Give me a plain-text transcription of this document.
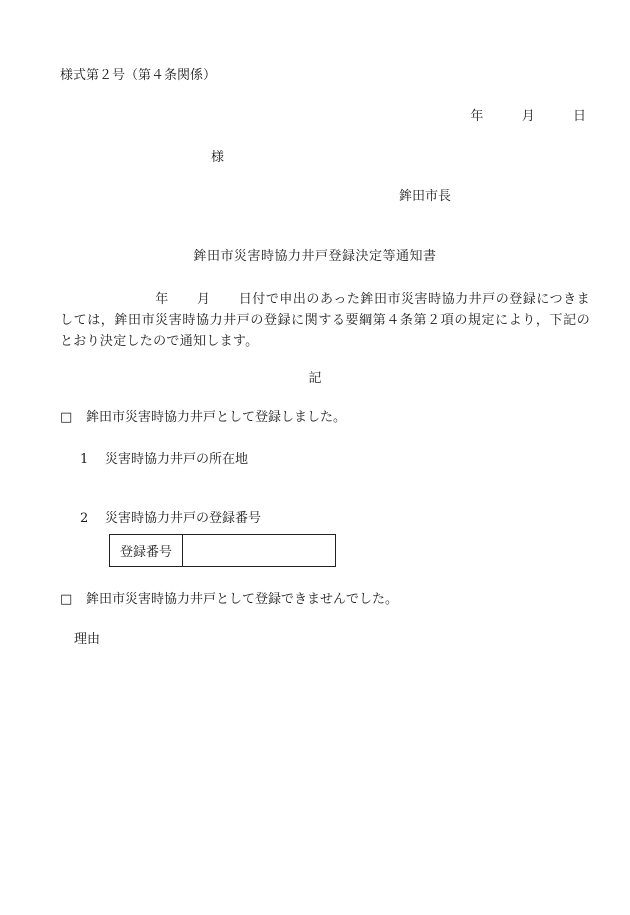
様式第２号（第４条関係）
年	月	日
様
鉾田市長
鉾田市災害時協力井戸登録決定等通知書
年 月 日付で申出のあった鉾田市災害時協力井戸の登録につきましては，鉾田市災害時協力井戸の登録に関する要綱第４条第２項の規定により，下記のとおり決定したので通知します。
記
□ 鉾田市災害時協力井戸として登録しました。
1 災害時協力井戸の所在地
2 災害時協力井戸の登録番号
登録番号	
□ 鉾田市災害時協力井戸として登録できませんでした。
理由
